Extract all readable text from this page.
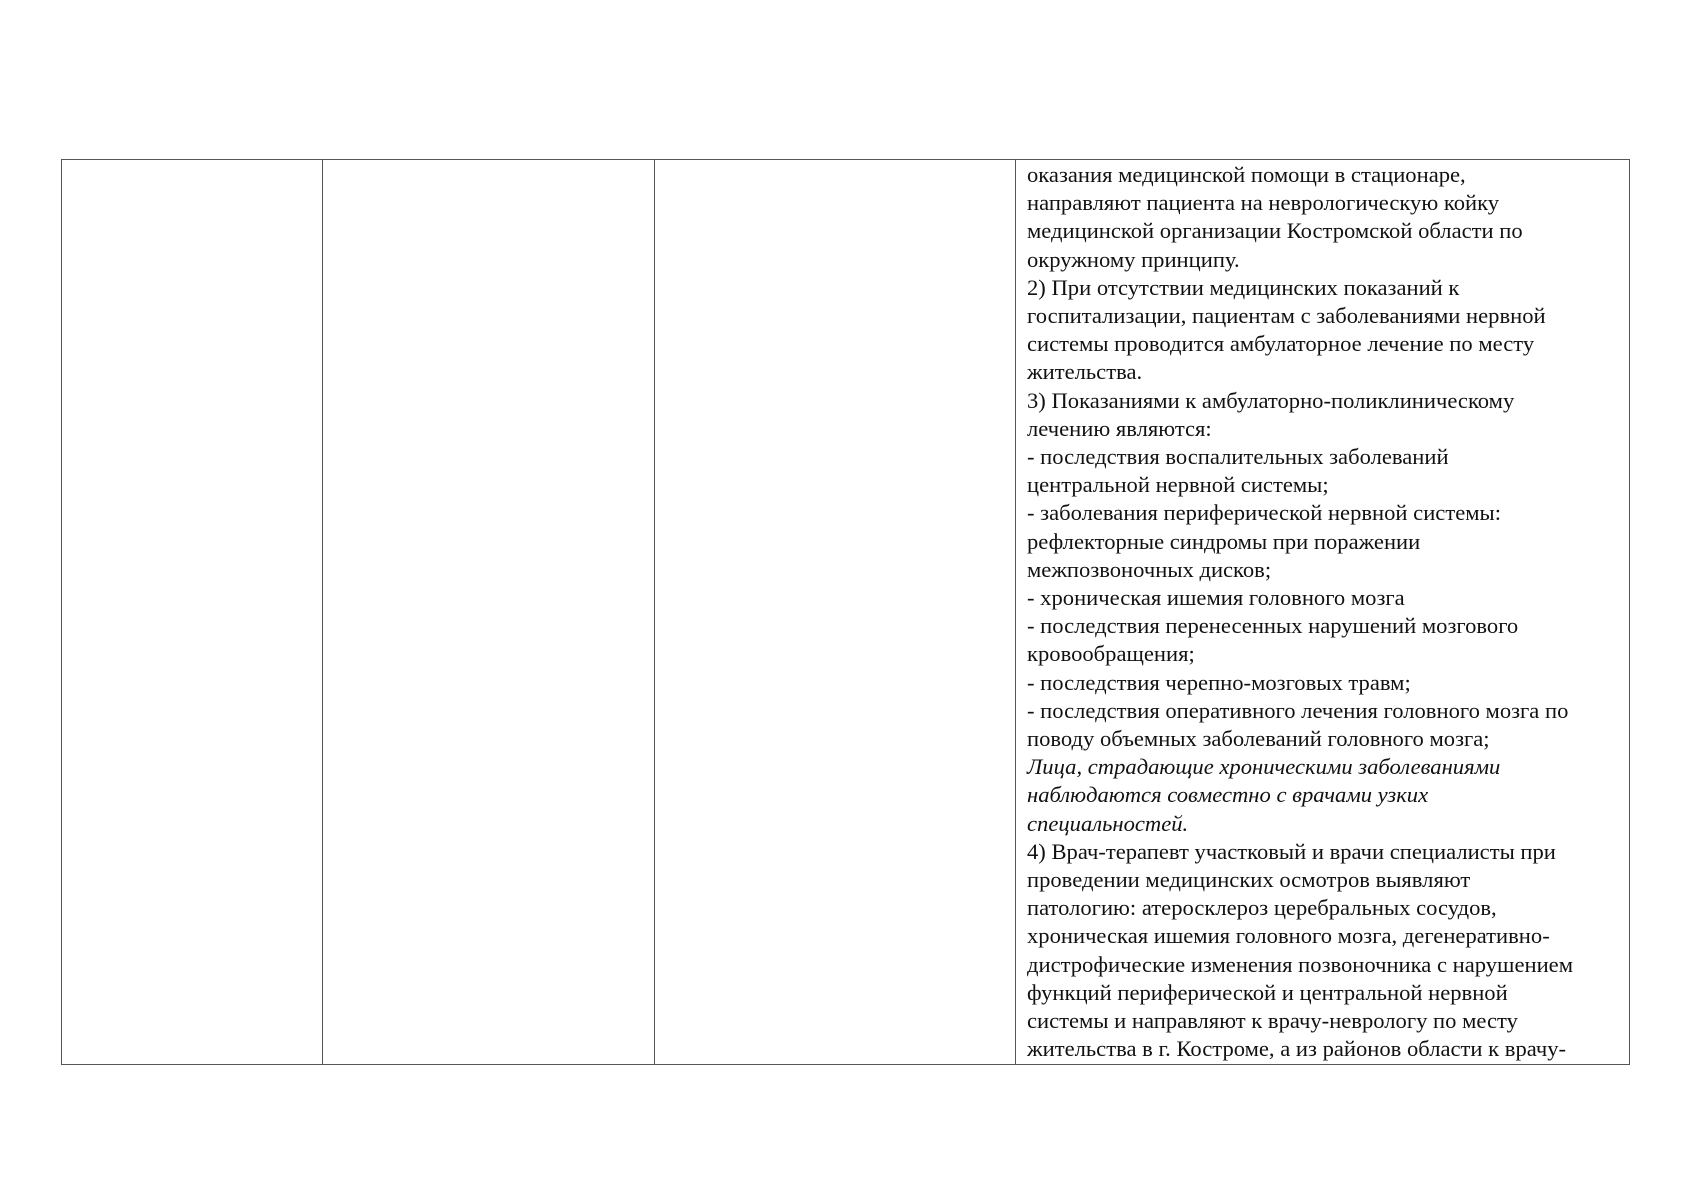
оказания медицинской помощи в стационаре,
направляют пациента на неврологическую койку
медицинской организации Костромской области по
окружному принципу.
2) При отсутствии медицинских показаний к
госпитализации, пациентам с заболеваниями нервной
системы проводится амбулаторное лечение по месту
жительства.
3) Показаниями к амбулаторно-поликлиническому
лечению являются:
- последствия воспалительных заболеваний
центральной нервной системы;
- заболевания периферической нервной системы:
рефлекторные синдромы при поражении
межпозвоночных дисков;
- хроническая ишемия головного мозга
- последствия перенесенных нарушений мозгового
кровообращения;
- последствия черепно-мозговых травм;
- последствия оперативного лечения головного мозга по
поводу объемных заболеваний головного мозга;
Лица, страдающие хроническими заболеваниями
наблюдаются совместно с врачами узких
специальностей.
4) Врач-терапевт участковый и врачи специалисты при
проведении медицинских осмотров выявляют
патологию: атеросклероз церебральных сосудов,
хроническая ишемия головного мозга, дегенеративно-
дистрофические изменения позвоночника с нарушением
функций периферической и центральной нервной
системы и направляют к врачу-неврологу по месту
жительства в г. Костроме, а из районов области к врачу-
